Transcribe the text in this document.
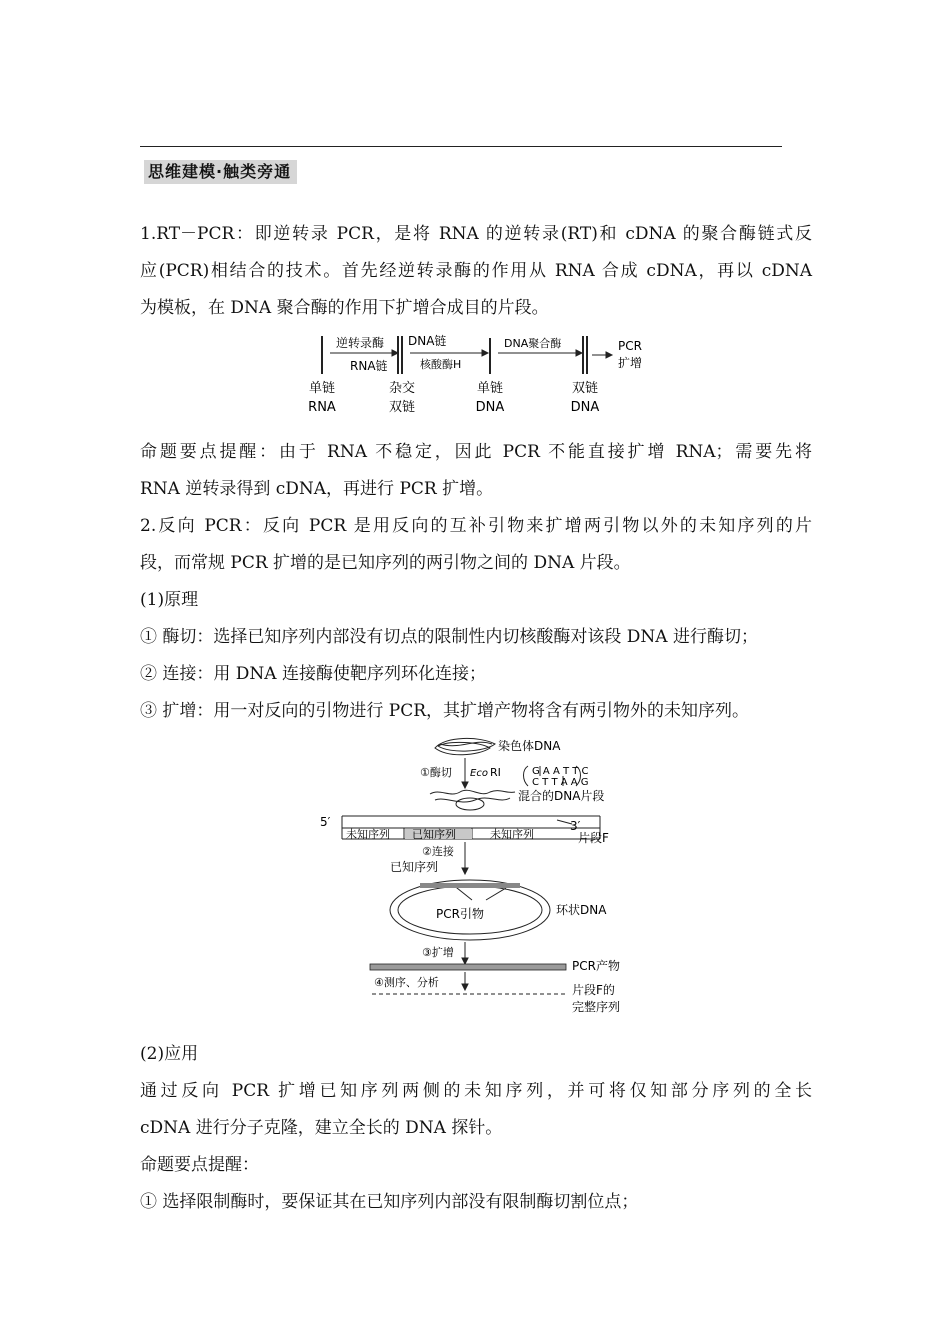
思维建模·触类旁通
1.RT－PCR：即逆转录 PCR，是将 RNA 的逆转录(RT)和 cDNA 的聚合酶链式反
应(PCR)相结合的技术。首先经逆转录酶的作用从 RNA 合成 cDNA，再以 cDNA
为模板，在 DNA 聚合酶的作用下扩增合成目的片段。
逆转录酶
RNA链
DNA链
核酸酶H
DNA聚合酶	PCR
扩增
单链
RNA
杂交
双链
单链
DNA
双链
DNA
命题要点提醒：由于 RNA 不稳定，因此 PCR 不能直接扩增 RNA；需要先将
RNA 逆转录得到 cDNA，再进行 PCR 扩增。
2.反向 PCR：反向 PCR 是用反向的互补引物来扩增两引物以外的未知序列的片
段，而常规 PCR 扩增的是已知序列的两引物之间的 DNA 片段。
(1)原理
① 酶切：选择已知序列内部没有切点的限制性内切核酸酶对该段 DNA 进行酶切；
② 连接：用 DNA 连接酶使靶序列环化连接；
③ 扩增：用一对反向的引物进行 PCR，其扩增产物将含有两引物外的未知序列。
染色体DNA
①酶切 Eco RⅠ	G A A T T C
C T T A A G
混合的DNA片段
5′	3′
未知序列 已知序列	未知序列	片段F
②连接
已知序列
PCR引物	环状DNA
③扩增
PCR产物
④测序、分析
片段F的
完整序列
(2)应用
通过反向 PCR 扩增已知序列两侧的未知序列，并可将仅知部分序列的全长
cDNA 进行分子克隆，建立全长的 DNA 探针。
命题要点提醒：
① 选择限制酶时，要保证其在已知序列内部没有限制酶切割位点；
